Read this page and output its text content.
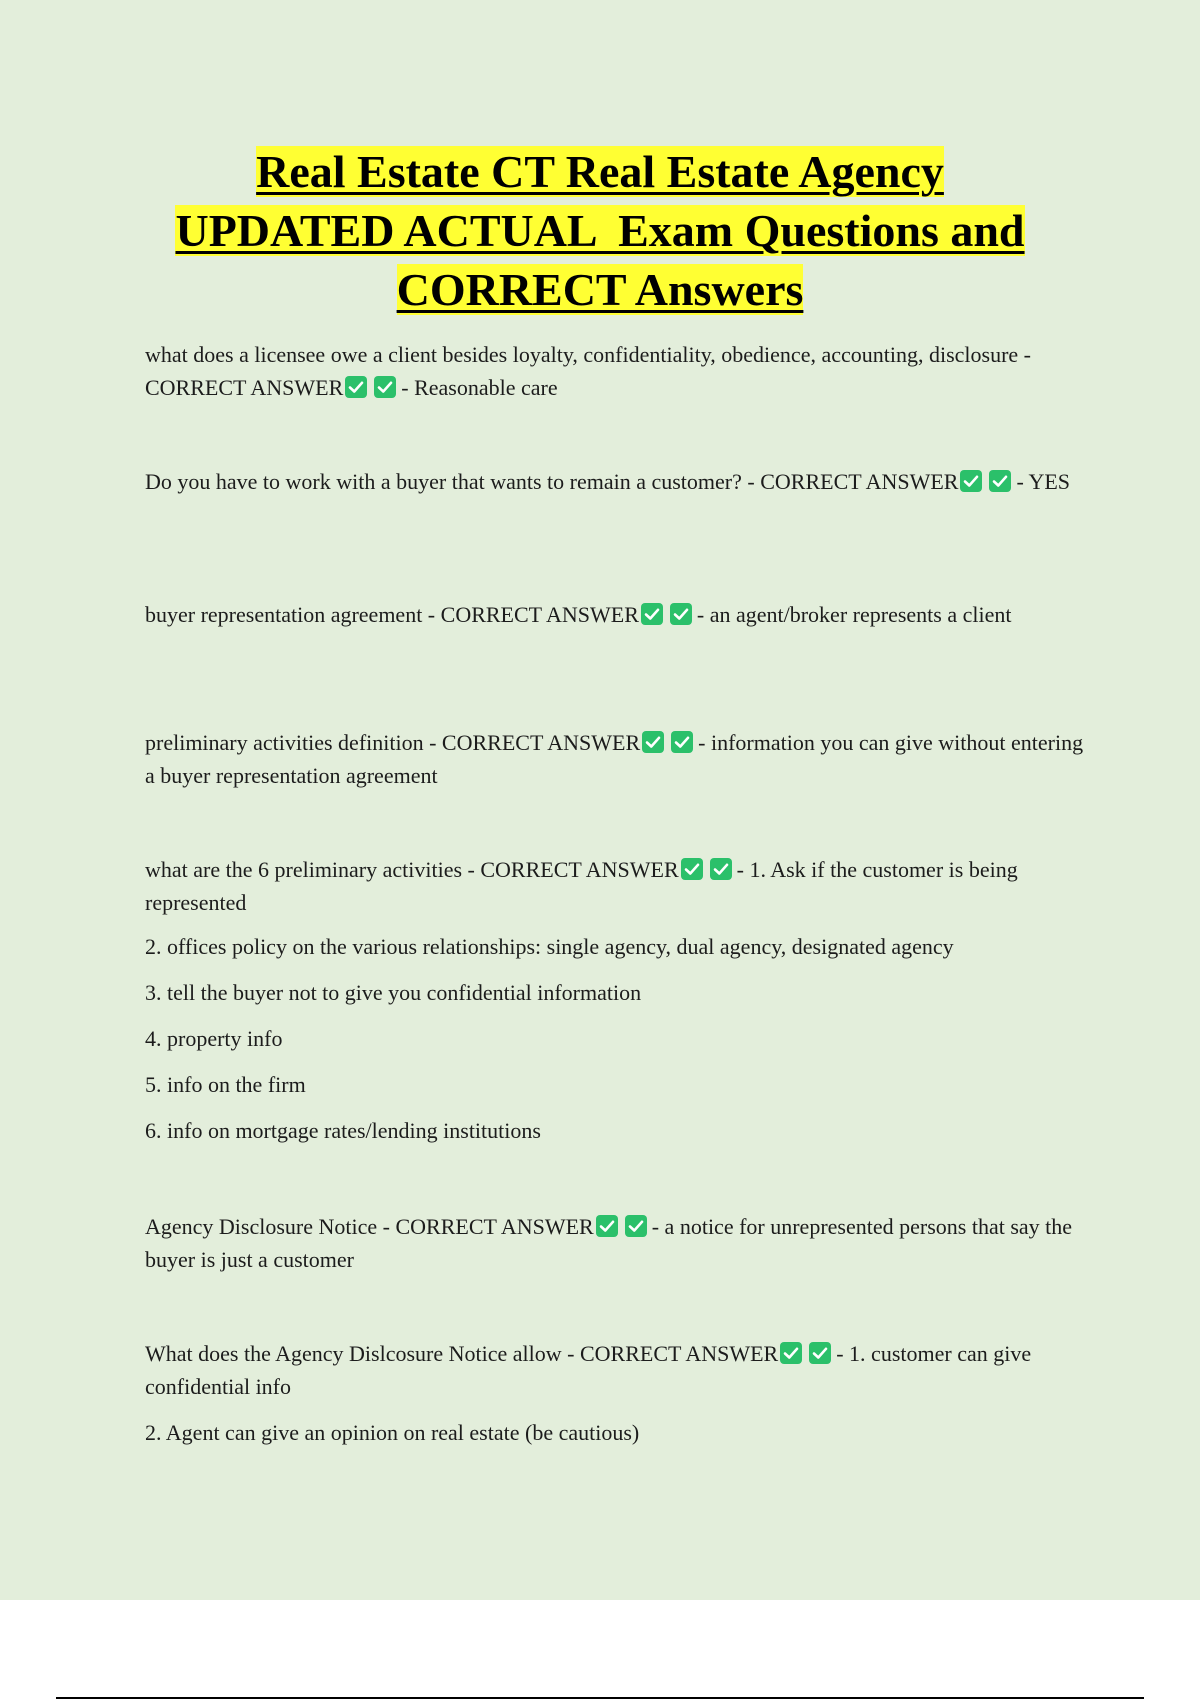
Real Estate CT Real Estate Agency
UPDATED ACTUAL  Exam Questions and
CORRECT Answers

what does a licensee owe a client besides loyalty, confidentiality, obedience, accounting, disclosure - CORRECT ANSWER	- Reasonable care

Do you have to work with a buyer that wants to remain a customer? - CORRECT ANSWER	- YES

buyer representation agreement - CORRECT ANSWER	- an agent/broker represents a client

preliminary activities definition - CORRECT ANSWER	- information you can give without entering a buyer representation agreement

what are the 6 preliminary activities - CORRECT ANSWER	- 1. Ask if the customer is being represented

2. offices policy on the various relationships: single agency, dual agency, designated agency

3. tell the buyer not to give you confidential information

4. property info

5. info on the firm

6. info on mortgage rates/lending institutions

Agency Disclosure Notice - CORRECT ANSWER	- a notice for unrepresented persons that say the buyer is just a customer

What does the Agency Dislcosure Notice allow - CORRECT ANSWER	- 1. customer can give confidential info

2. Agent can give an opinion on real estate (be cautious)
